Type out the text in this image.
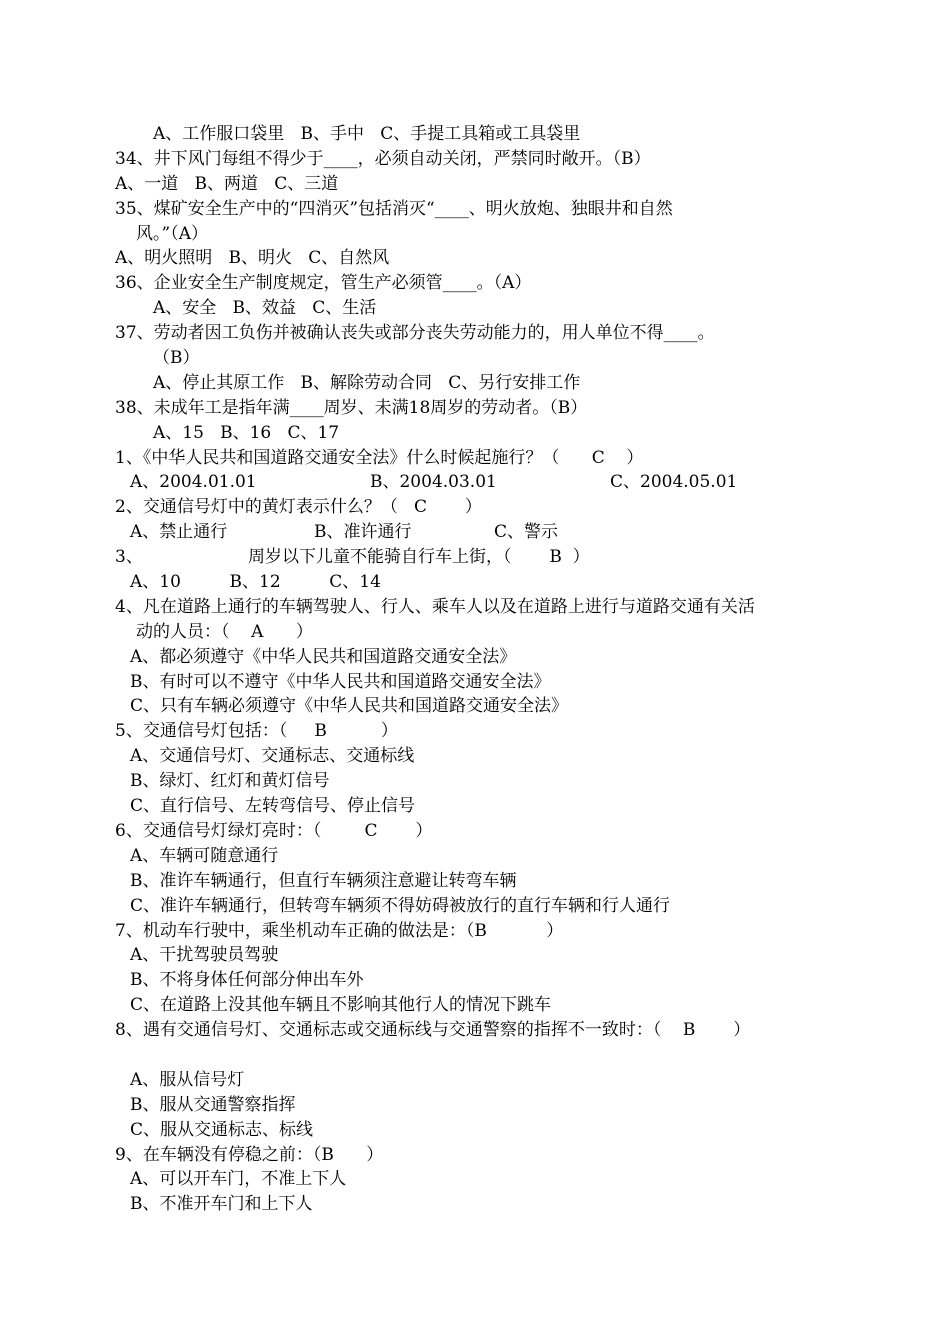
A、工作服口袋里   B、手中   C、手提工具箱或工具袋里
34、井下风门每组不得少于____，必须自动关闭，严禁同时敞开。（B）
A、一道   B、两道   C、三道
35、煤矿安全生产中的“四消灭”包括消灭“____、明火放炮、独眼井和自然
风。”（A）
A、明火照明   B、明火   C、自然风
36、企业安全生产制度规定，管生产必须管____。（A）
A、安全   B、效益   C、生活
37、劳动者因工负伤并被确认丧失或部分丧失劳动能力的，用人单位不得____。
（B）
A、停止其原工作   B、解除劳动合同   C、另行安排工作
38、未成年工是指年满____周岁、未满18周岁的劳动者。（B）
A、15   B、16   C、17
1、《中华人民共和国道路交通安全法》什么时候起施行？（      C    ）

A、2004.01.01

	B、2004.03.01

	C、2004.05.01

2、交通信号灯中的黄灯表示什么？（   C       ）

A、禁止通行

	B、准许通行

	C、警示

3、

	周岁以下儿童不能骑自行车上街，（       B  ）

A、10         B、12         C、14
4、凡在道路上通行的车辆驾驶人、行人、乘车人以及在道路上进行与道路交通有关活
动的人员：（    A      ）
A、都必须遵守《中华人民共和国道路交通安全法》
B、有时可以不遵守《中华人民共和国道路交通安全法》
C、只有车辆必须遵守《中华人民共和国道路交通安全法》
5、交通信号灯包括：（     B          ）
A、交通信号灯、交通标志、交通标线
B、绿灯、红灯和黄灯信号
C、直行信号、左转弯信号、停止信号
6、交通信号灯绿灯亮时：（        C       ）
A、车辆可随意通行
B、准许车辆通行，但直行车辆须注意避让转弯车辆
C、准许车辆通行，但转弯车辆须不得妨碍被放行的直行车辆和行人通行
7、机动车行驶中，乘坐机动车正确的做法是：（B           ）
A、干扰驾驶员驾驶
B、不将身体任何部分伸出车外
C、在道路上没其他车辆且不影响其他行人的情况下跳车
8、遇有交通信号灯、交通标志或交通标线与交通警察的指挥不一致时：（    B       ）
A、服从信号灯
B、服从交通警察指挥
C、服从交通标志、标线
9、在车辆没有停稳之前：（B      ）
A、可以开车门，不准上下人
B、不准开车门和上下人
